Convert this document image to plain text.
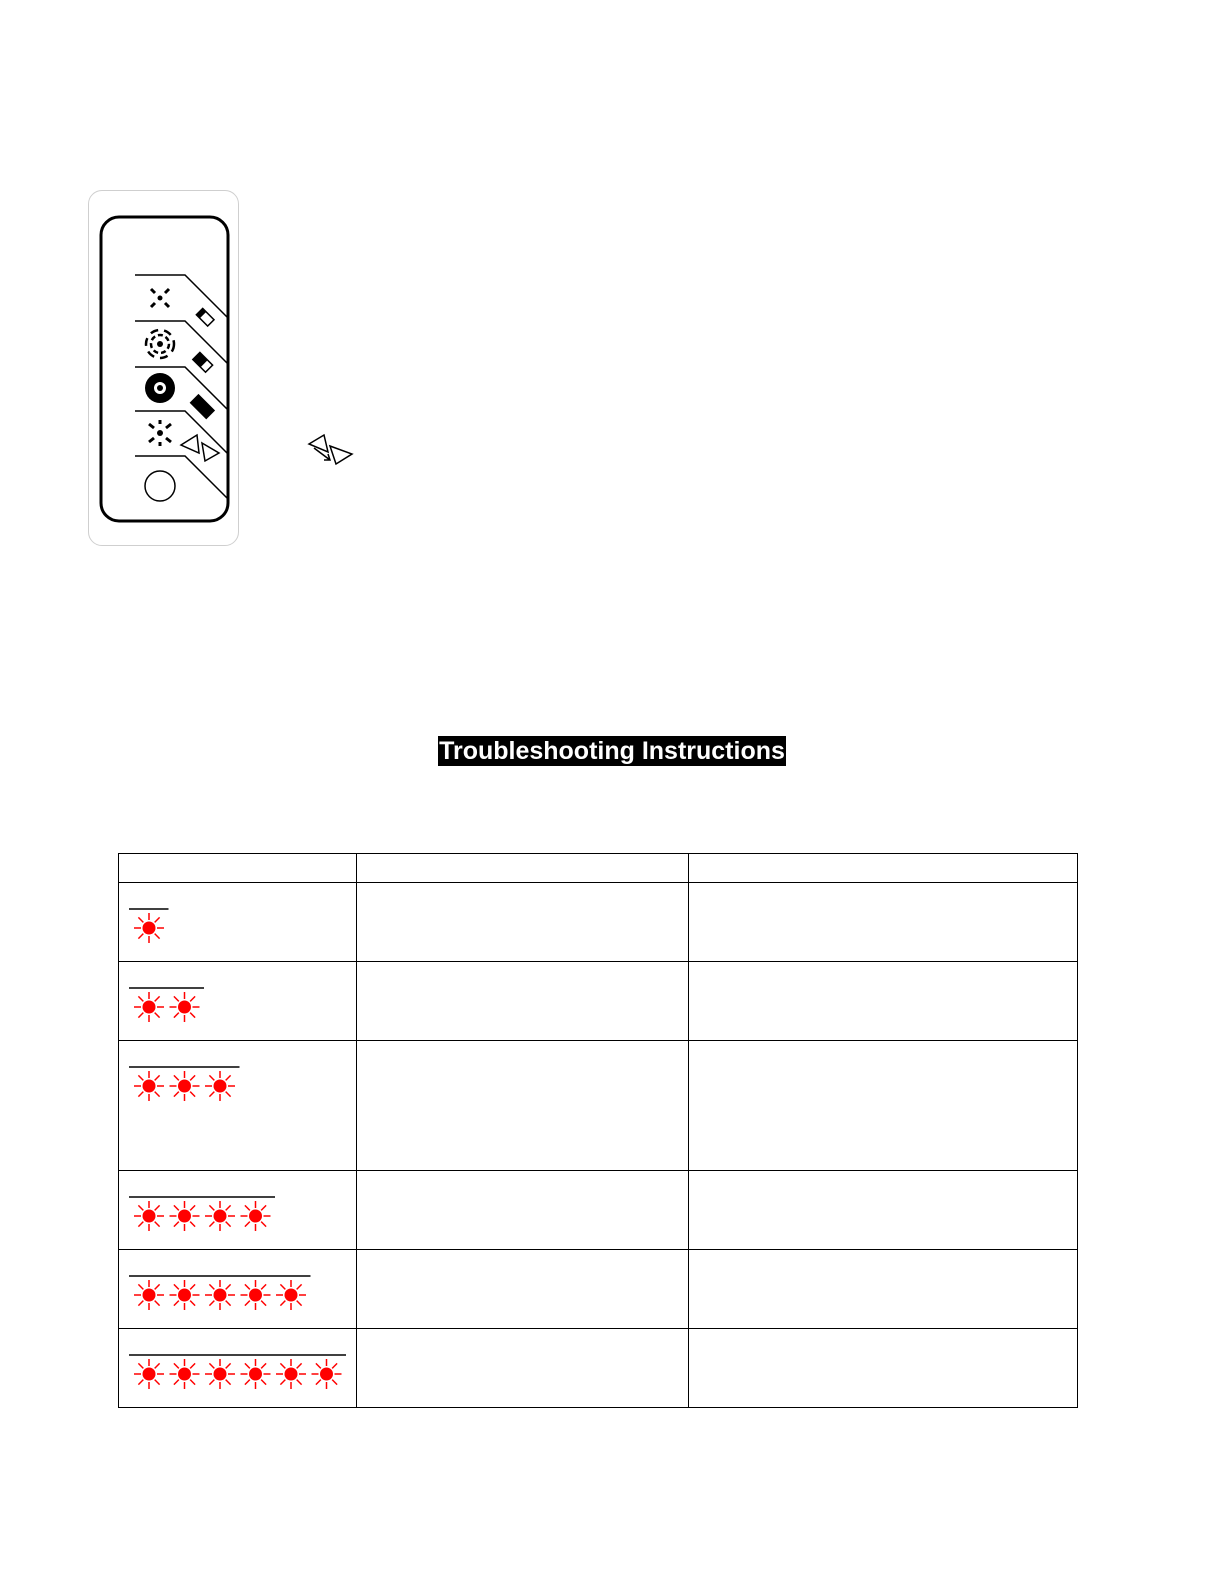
Troubleshooting Instructions
